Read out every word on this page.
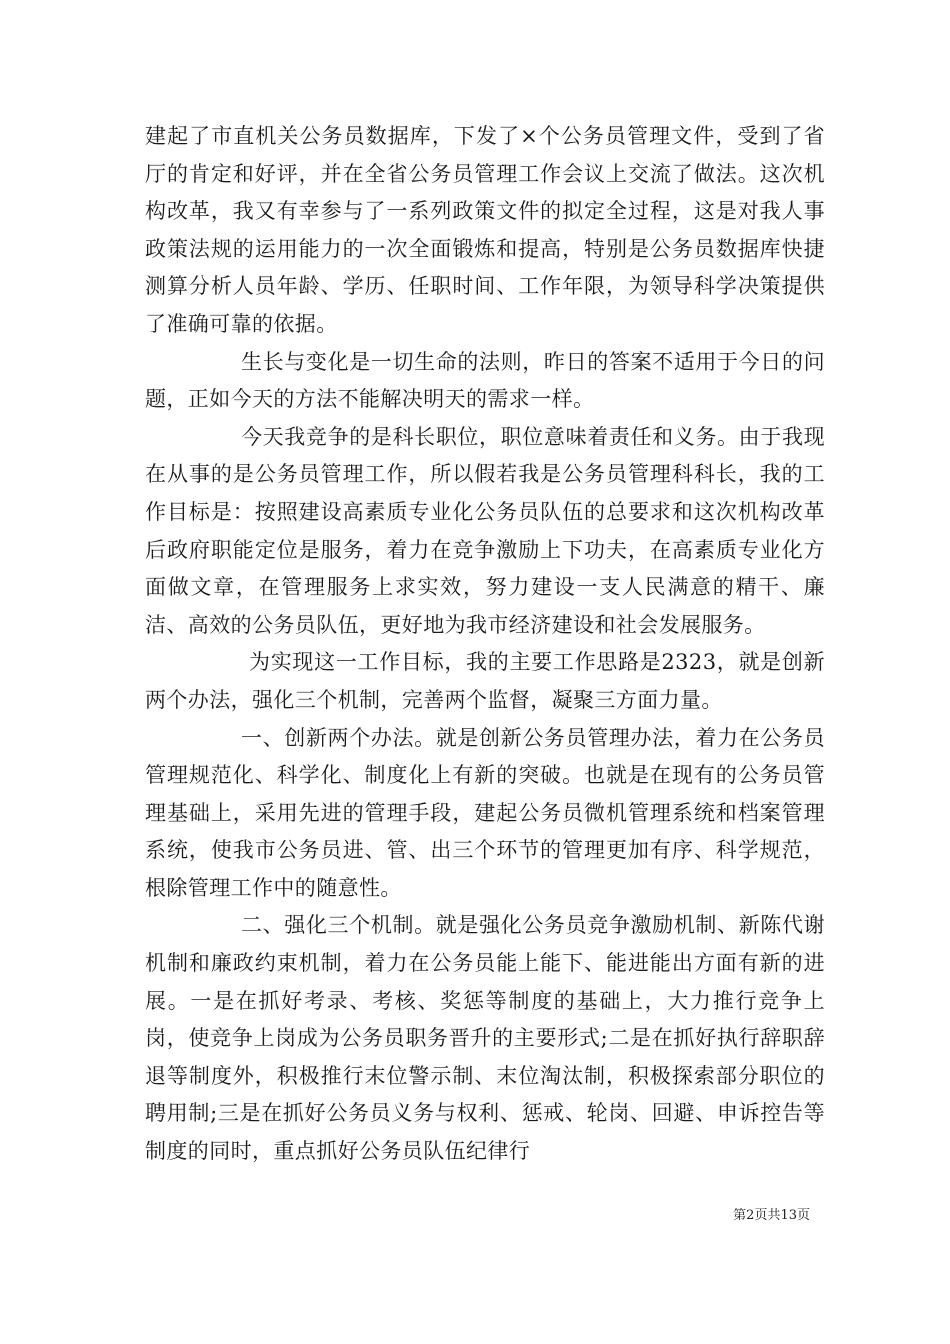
建起了市直机关公务员数据库，下发了×个公务员管理文件，受到了省厅的肯定和好评，并在全省公务员管理工作会议上交流了做法。这次机构改革，我又有幸参与了一系列政策文件的拟定全过程，这是对我人事政策法规的运用能力的一次全面锻炼和提高，特别是公务员数据库快捷测算分析人员年龄、学历、任职时间、工作年限，为领导科学决策提供了准确可靠的依据。

生长与变化是一切生命的法则，昨日的答案不适用于今日的问题，正如今天的方法不能解决明天的需求一样。

今天我竞争的是科长职位，职位意味着责任和义务。由于我现在从事的是公务员管理工作，所以假若我是公务员管理科科长，我的工作目标是：按照建设高素质专业化公务员队伍的总要求和这次机构改革后政府职能定位是服务，着力在竞争激励上下功夫，在高素质专业化方面做文章，在管理服务上求实效，努力建设一支人民满意的精干、廉洁、高效的公务员队伍，更好地为我市经济建设和社会发展服务。

为实现这一工作目标，我的主要工作思路是2323，就是创新两个办法，强化三个机制，完善两个监督，凝聚三方面力量。

一、创新两个办法。就是创新公务员管理办法，着力在公务员管理规范化、科学化、制度化上有新的突破。也就是在现有的公务员管理基础上，采用先进的管理手段，建起公务员微机管理系统和档案管理系统，使我市公务员进、管、出三个环节的管理更加有序、科学规范，根除管理工作中的随意性。

二、强化三个机制。就是强化公务员竞争激励机制、新陈代谢机制和廉政约束机制，着力在公务员能上能下、能进能出方面有新的进展。一是在抓好考录、考核、奖惩等制度的基础上，大力推行竞争上岗，使竞争上岗成为公务员职务晋升的主要形式;二是在抓好执行辞职辞退等制度外，积极推行末位警示制、末位淘汰制，积极探索部分职位的聘用制;三是在抓好公务员义务与权利、惩戒、轮岗、回避、申诉控告等制度的同时，重点抓好公务员队伍纪律行

第2页共13页
